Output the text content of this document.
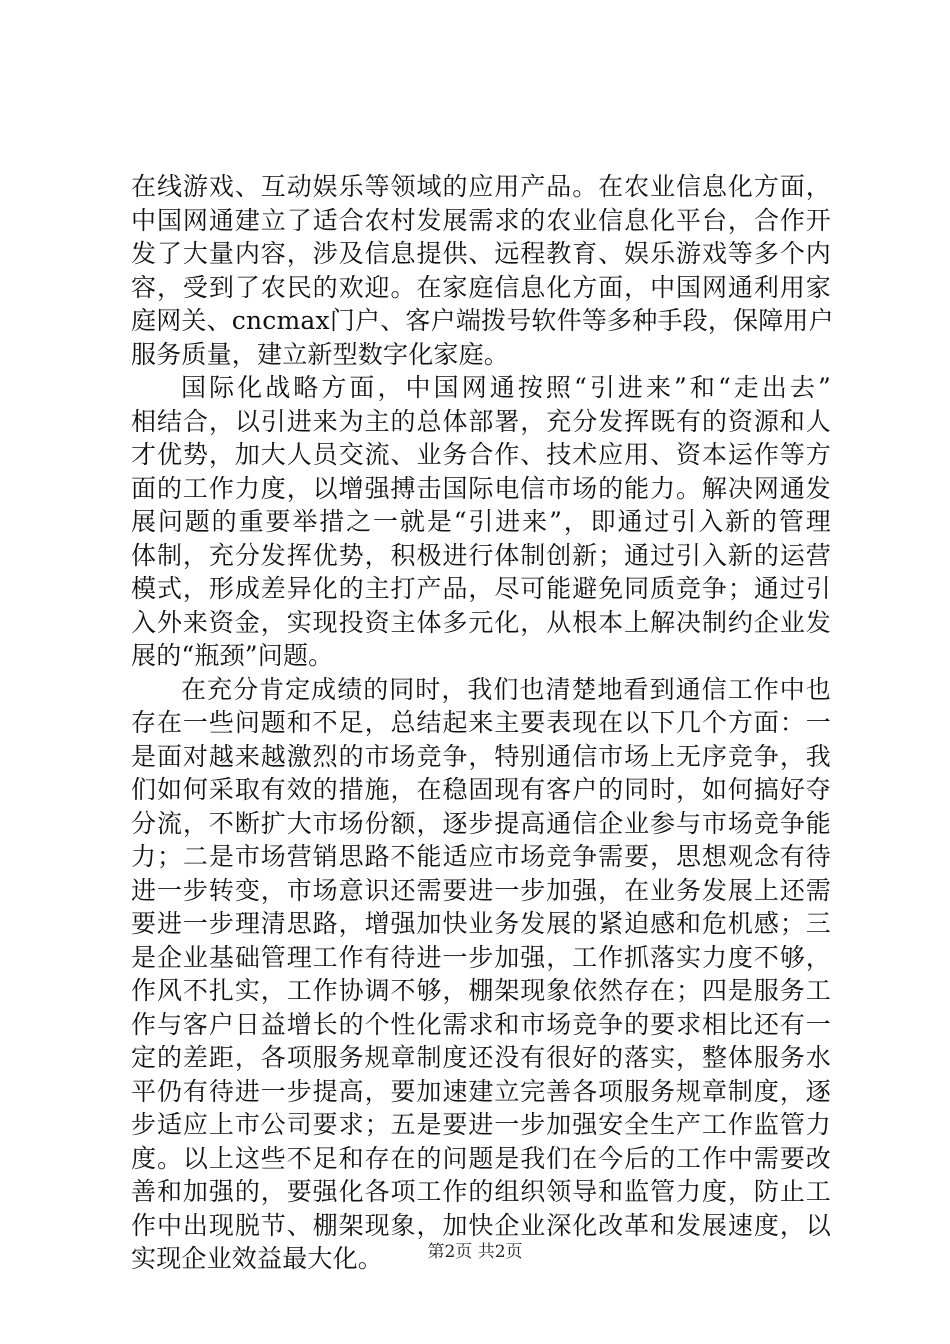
在线游戏、互动娱乐等领域的应用产品。在农业信息化方面，
中国网通建立了适合农村发展需求的农业信息化平台，合作开
发了大量内容，涉及信息提供、远程教育、娱乐游戏等多个内
容，受到了农民的欢迎。在家庭信息化方面，中国网通利用家
庭网关、cncmax门户、客户端拨号软件等多种手段，保障用户
服务质量，建立新型数字化家庭。
国际化战略方面，中国网通按照“引进来”和“走出去”
相结合，以引进来为主的总体部署，充分发挥既有的资源和人
才优势，加大人员交流、业务合作、技术应用、资本运作等方
面的工作力度，以增强搏击国际电信市场的能力。解决网通发
展问题的重要举措之一就是“引进来”，即通过引入新的管理
体制，充分发挥优势，积极进行体制创新；通过引入新的运营
模式，形成差异化的主打产品，尽可能避免同质竞争；通过引
入外来资金，实现投资主体多元化，从根本上解决制约企业发
展的“瓶颈”问题。
在充分肯定成绩的同时，我们也清楚地看到通信工作中也
存在一些问题和不足，总结起来主要表现在以下几个方面：一
是面对越来越激烈的市场竞争，特别通信市场上无序竞争，我
们如何采取有效的措施，在稳固现有客户的同时，如何搞好夺
分流，不断扩大市场份额，逐步提高通信企业参与市场竞争能
力；二是市场营销思路不能适应市场竞争需要，思想观念有待
进一步转变，市场意识还需要进一步加强，在业务发展上还需
要进一步理清思路，增强加快业务发展的紧迫感和危机感；三
是企业基础管理工作有待进一步加强，工作抓落实力度不够，
作风不扎实，工作协调不够，棚架现象依然存在；四是服务工
作与客户日益增长的个性化需求和市场竞争的要求相比还有一
定的差距，各项服务规章制度还没有很好的落实，整体服务水
平仍有待进一步提高，要加速建立完善各项服务规章制度，逐
步适应上市公司要求；五是要进一步加强安全生产工作监管力
度。以上这些不足和存在的问题是我们在今后的工作中需要改
善和加强的，要强化各项工作的组织领导和监管力度，防止工
作中出现脱节、棚架现象，加快企业深化改革和发展速度，以
实现企业效益最大化。	第2页 共2页
